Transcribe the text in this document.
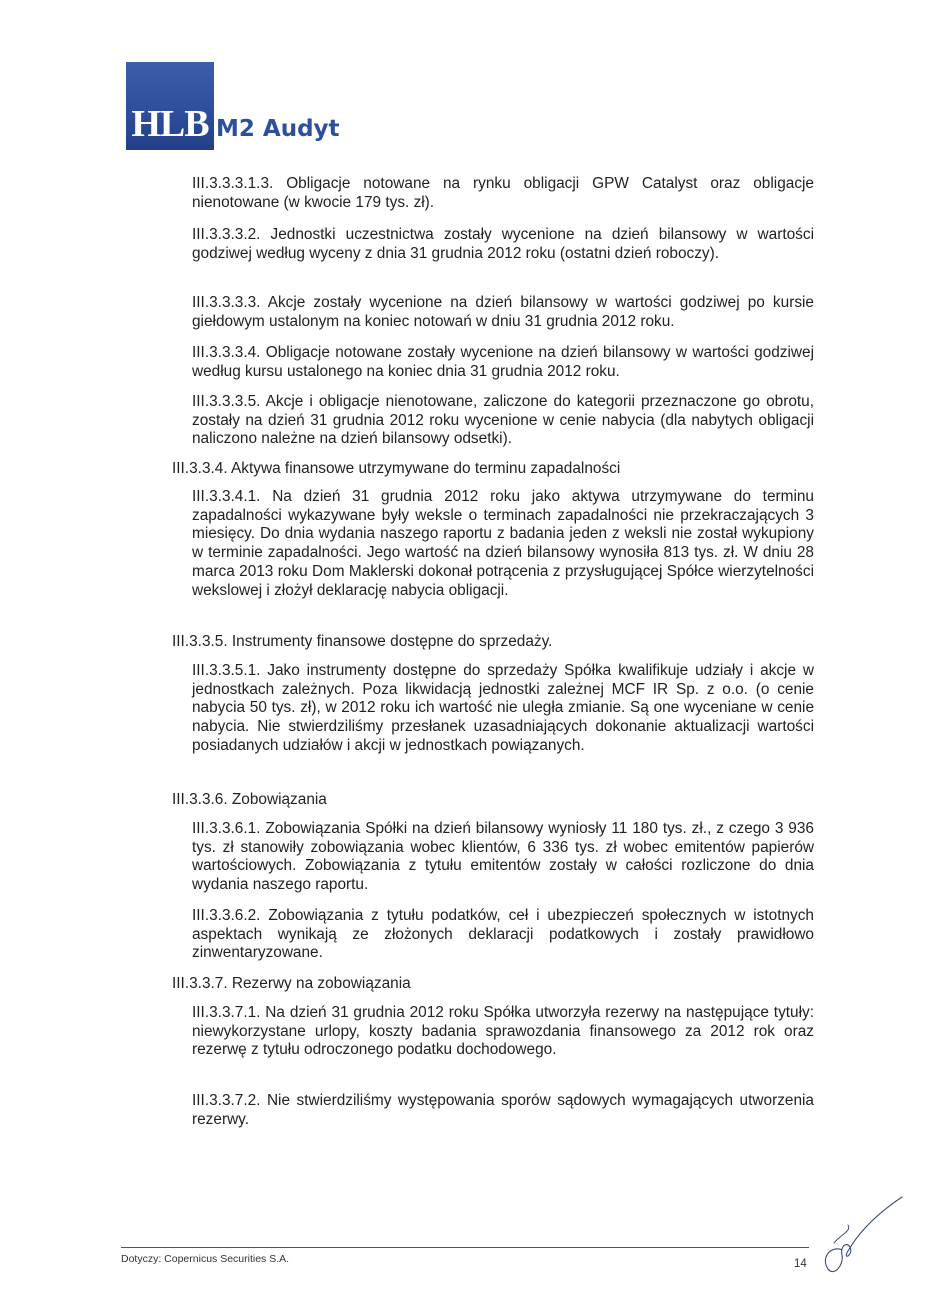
HLB M2 Audyt

III.3.3.3.1.3. Obligacje notowane na rynku obligacji GPW Catalyst oraz obligacje nienotowane (w kwocie 179 tys. zł).

III.3.3.3.2. Jednostki uczestnictwa zostały wycenione na dzień bilansowy w wartości godziwej według wyceny z dnia 31 grudnia 2012 roku (ostatni dzień roboczy).

III.3.3.3.3. Akcje zostały wycenione na dzień bilansowy w wartości godziwej po kursie giełdowym ustalonym na koniec notowań w dniu 31 grudnia 2012 roku.

III.3.3.3.4. Obligacje notowane zostały wycenione na dzień bilansowy w wartości godziwej według kursu ustalonego na koniec dnia 31 grudnia 2012 roku.

III.3.3.3.5. Akcje i obligacje nienotowane, zaliczone do kategorii przeznaczone go obrotu, zostały na dzień 31 grudnia 2012 roku wycenione w cenie nabycia (dla nabytych obligacji naliczono należne na dzień bilansowy odsetki).

III.3.3.4. Aktywa finansowe utrzymywane do terminu zapadalności

III.3.3.4.1. Na dzień 31 grudnia 2012 roku jako aktywa utrzymywane do terminu zapadalności wykazywane były weksle o terminach zapadalności nie przekraczających 3 miesięcy. Do dnia wydania naszego raportu z badania jeden z weksli nie został wykupiony w terminie zapadalności. Jego wartość na dzień bilansowy wynosiła 813 tys. zł. W dniu 28 marca 2013 roku Dom Maklerski dokonał potrącenia z przysługującej Spółce wierzytelności wekslowej i złożył deklarację nabycia obligacji.

III.3.3.5. Instrumenty finansowe dostępne do sprzedaży.

III.3.3.5.1. Jako instrumenty dostępne do sprzedaży Spółka kwalifikuje udziały i akcje w jednostkach zależnych. Poza likwidacją jednostki zależnej MCF IR Sp. z o.o. (o cenie nabycia 50 tys. zł), w 2012 roku ich wartość nie uległa zmianie. Są one wyceniane w cenie nabycia. Nie stwierdziliśmy przesłanek uzasadniających dokonanie aktualizacji wartości posiadanych udziałów i akcji w jednostkach powiązanych.

III.3.3.6. Zobowiązania

III.3.3.6.1. Zobowiązania Spółki na dzień bilansowy wyniosły 11 180 tys. zł., z czego 3 936 tys. zł stanowiły zobowiązania wobec klientów, 6 336 tys. zł wobec emitentów papierów wartościowych. Zobowiązania z tytułu emitentów zostały w całości rozliczone do dnia wydania naszego raportu.

III.3.3.6.2. Zobowiązania z tytułu podatków, ceł i ubezpieczeń społecznych w istotnych aspektach wynikają ze złożonych deklaracji podatkowych i zostały prawidłowo zinwentaryzowane.

III.3.3.7. Rezerwy na zobowiązania

III.3.3.7.1. Na dzień 31 grudnia 2012 roku Spółka utworzyła rezerwy na następujące tytuły: niewykorzystane urlopy, koszty badania sprawozdania finansowego za 2012 rok oraz rezerwę z tytułu odroczonego podatku dochodowego.

III.3.3.7.2. Nie stwierdziliśmy występowania sporów sądowych wymagających utworzenia rezerwy.

Dotyczy: Copernicus Securities S.A.	14
